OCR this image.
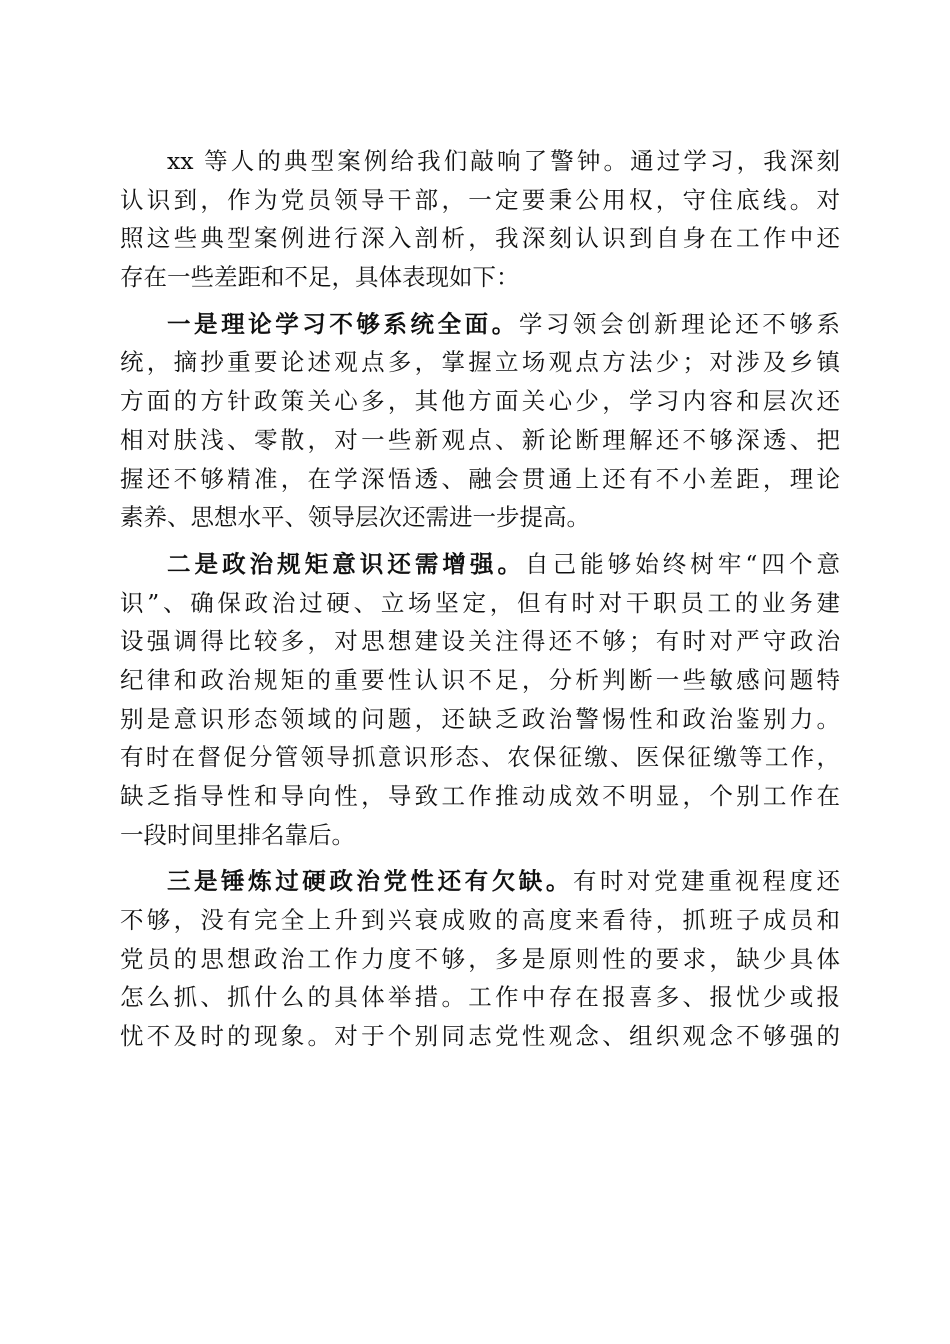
xx 等人的典型案例给我们敲响了警钟。通过学习，我深刻
认识到，作为党员领导干部，一定要秉公用权，守住底线。对
照这些典型案例进行深入剖析，我深刻认识到自身在工作中还
存在一些差距和不足，具体表现如下：
一是理论学习不够系统全面。学习领会创新理论还不够系
统，摘抄重要论述观点多，掌握立场观点方法少；对涉及乡镇
方面的方针政策关心多，其他方面关心少，学习内容和层次还
相对肤浅、零散，对一些新观点、新论断理解还不够深透、把
握还不够精准，在学深悟透、融会贯通上还有不小差距，理论
素养、思想水平、领导层次还需进一步提高。
二是政治规矩意识还需增强。自己能够始终树牢“四个意
识”、确保政治过硬、立场坚定，但有时对干职员工的业务建
设强调得比较多，对思想建设关注得还不够；有时对严守政治
纪律和政治规矩的重要性认识不足，分析判断一些敏感问题特
别是意识形态领域的问题，还缺乏政治警惕性和政治鉴别力。
有时在督促分管领导抓意识形态、农保征缴、医保征缴等工作，
缺乏指导性和导向性，导致工作推动成效不明显，个别工作在
一段时间里排名靠后。
三是锤炼过硬政治党性还有欠缺。有时对党建重视程度还
不够，没有完全上升到兴衰成败的高度来看待，抓班子成员和
党员的思想政治工作力度不够，多是原则性的要求，缺少具体
怎么抓、抓什么的具体举措。工作中存在报喜多、报忧少或报
忧不及时的现象。对于个别同志党性观念、组织观念不够强的
